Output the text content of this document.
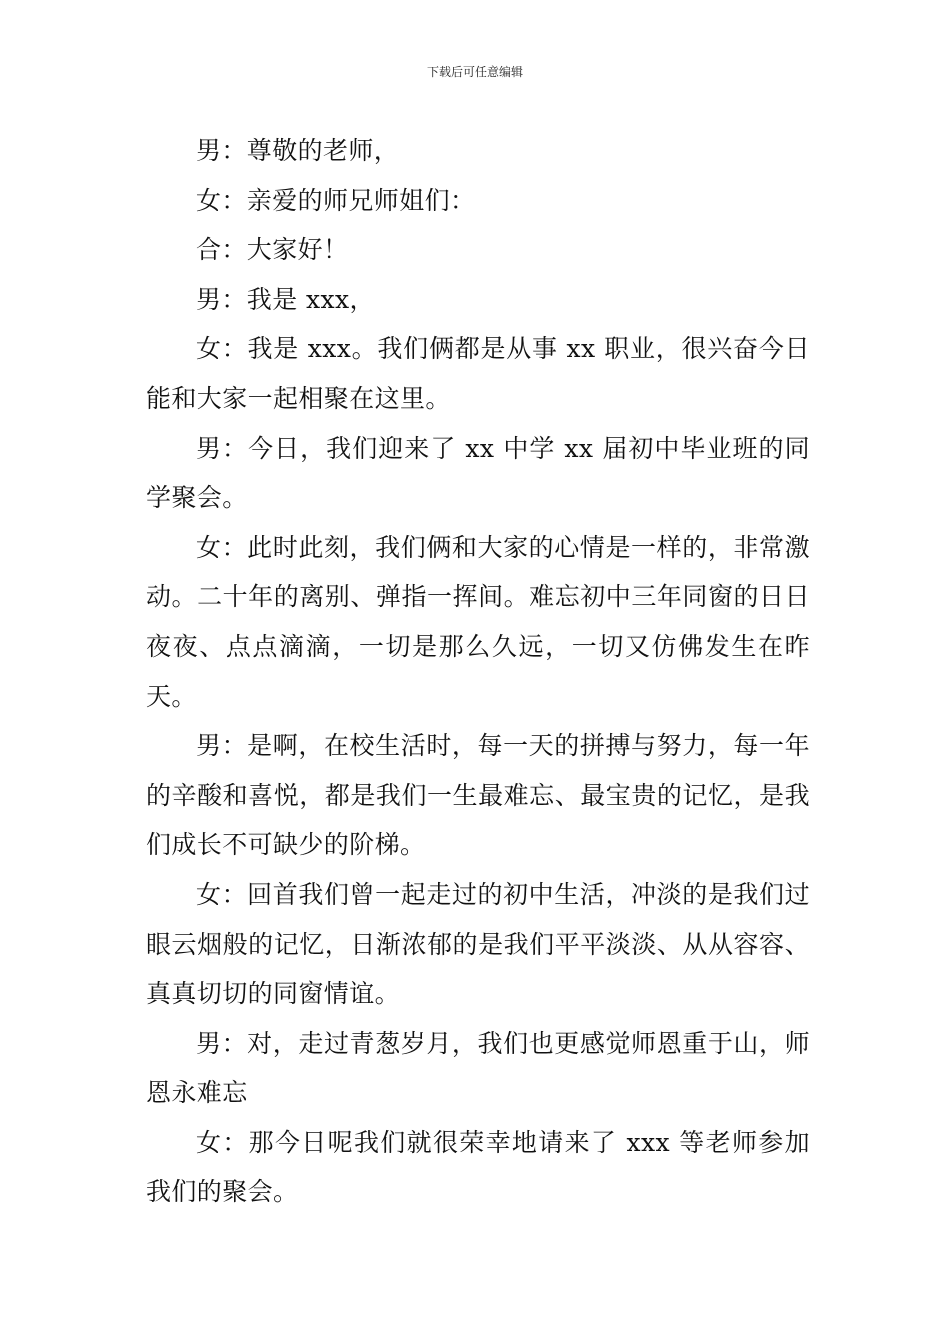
下载后可任意编辑

男：尊敬的老师，

女：亲爱的师兄师姐们：

合：大家好！

男：我是 xxx，

女：我是 xxx。我们俩都是从事 xx 职业，很兴奋今日能和大家一起相聚在这里。

男：今日，我们迎来了 xx 中学 xx 届初中毕业班的同学聚会。

女：此时此刻，我们俩和大家的心情是一样的，非常激动。二十年的离别、弹指一挥间。难忘初中三年同窗的日日夜夜、点点滴滴，一切是那么久远，一切又仿佛发生在昨天。

男：是啊，在校生活时，每一天的拼搏与努力，每一年的辛酸和喜悦，都是我们一生最难忘、最宝贵的记忆，是我们成长不可缺少的阶梯。

女：回首我们曾一起走过的初中生活，冲淡的是我们过眼云烟般的记忆，日渐浓郁的是我们平平淡淡、从从容容、真真切切的同窗情谊。

男：对，走过青葱岁月，我们也更感觉师恩重于山，师恩永难忘

女：那今日呢我们就很荣幸地请来了 xxx 等老师参加我们的聚会。
